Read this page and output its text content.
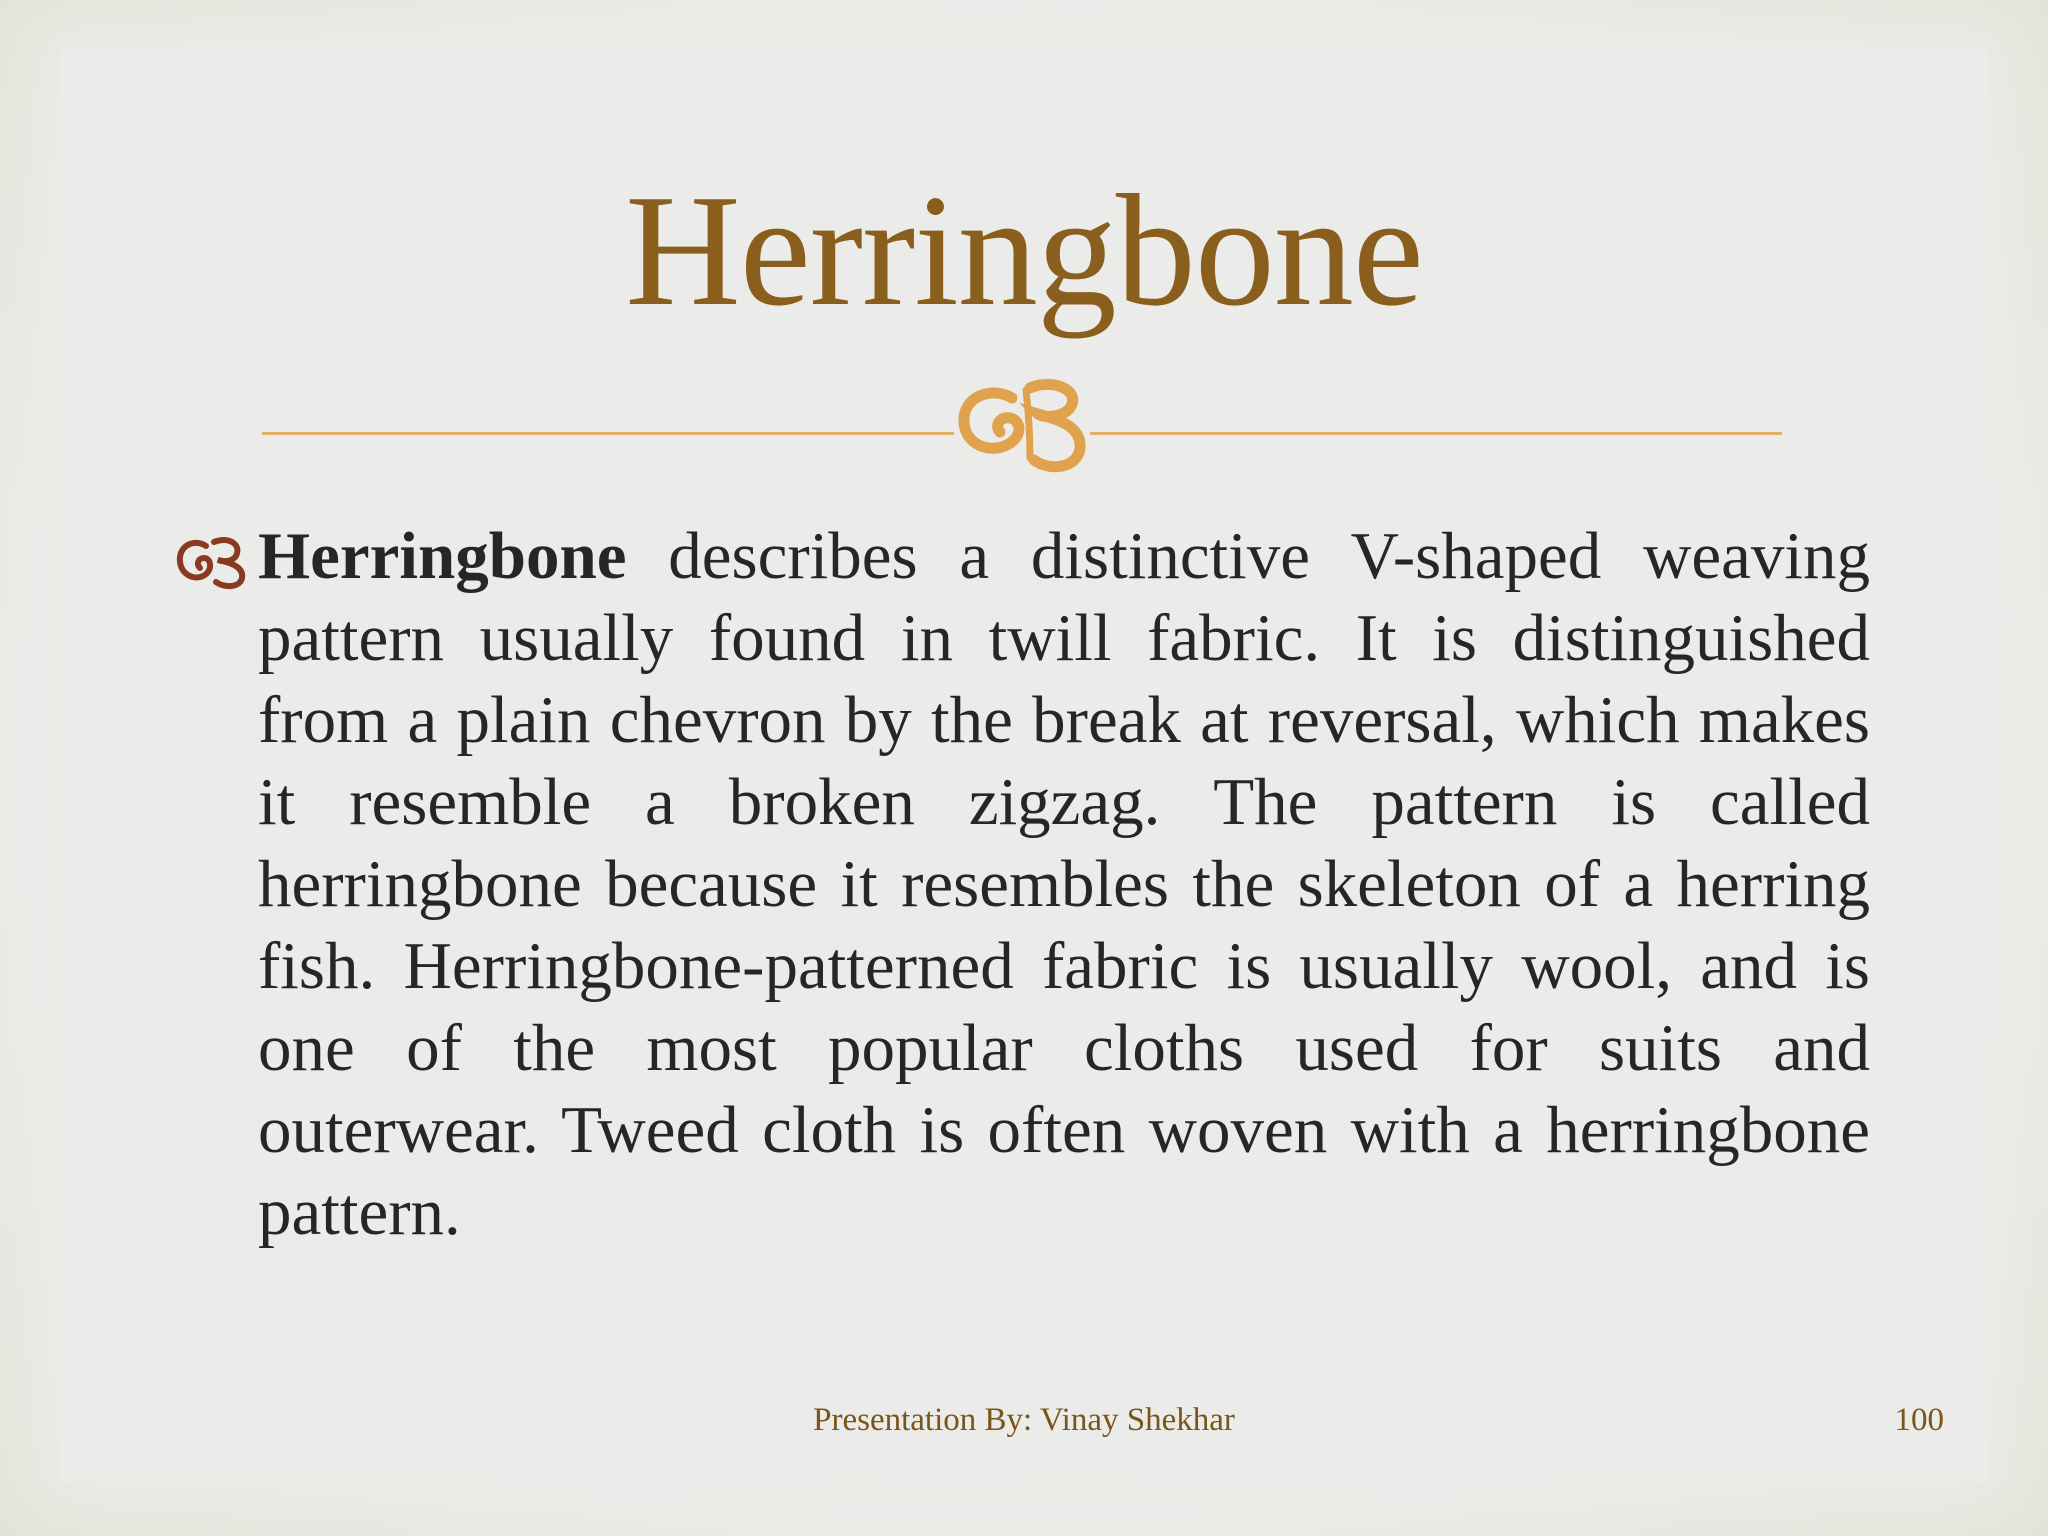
Herringbone
Herringbone describes a distinctive V-shaped weaving pattern usually found in twill fabric. It is distinguished from a plain chevron by the break at reversal, which makes it resemble a broken zigzag. The pattern is called herringbone because it resembles the skeleton of a herring fish. Herringbone-patterned fabric is usually wool, and is one of the most popular cloths used for suits and outerwear. Tweed cloth is often woven with a herringbone pattern.
Presentation By: Vinay Shekhar	100
